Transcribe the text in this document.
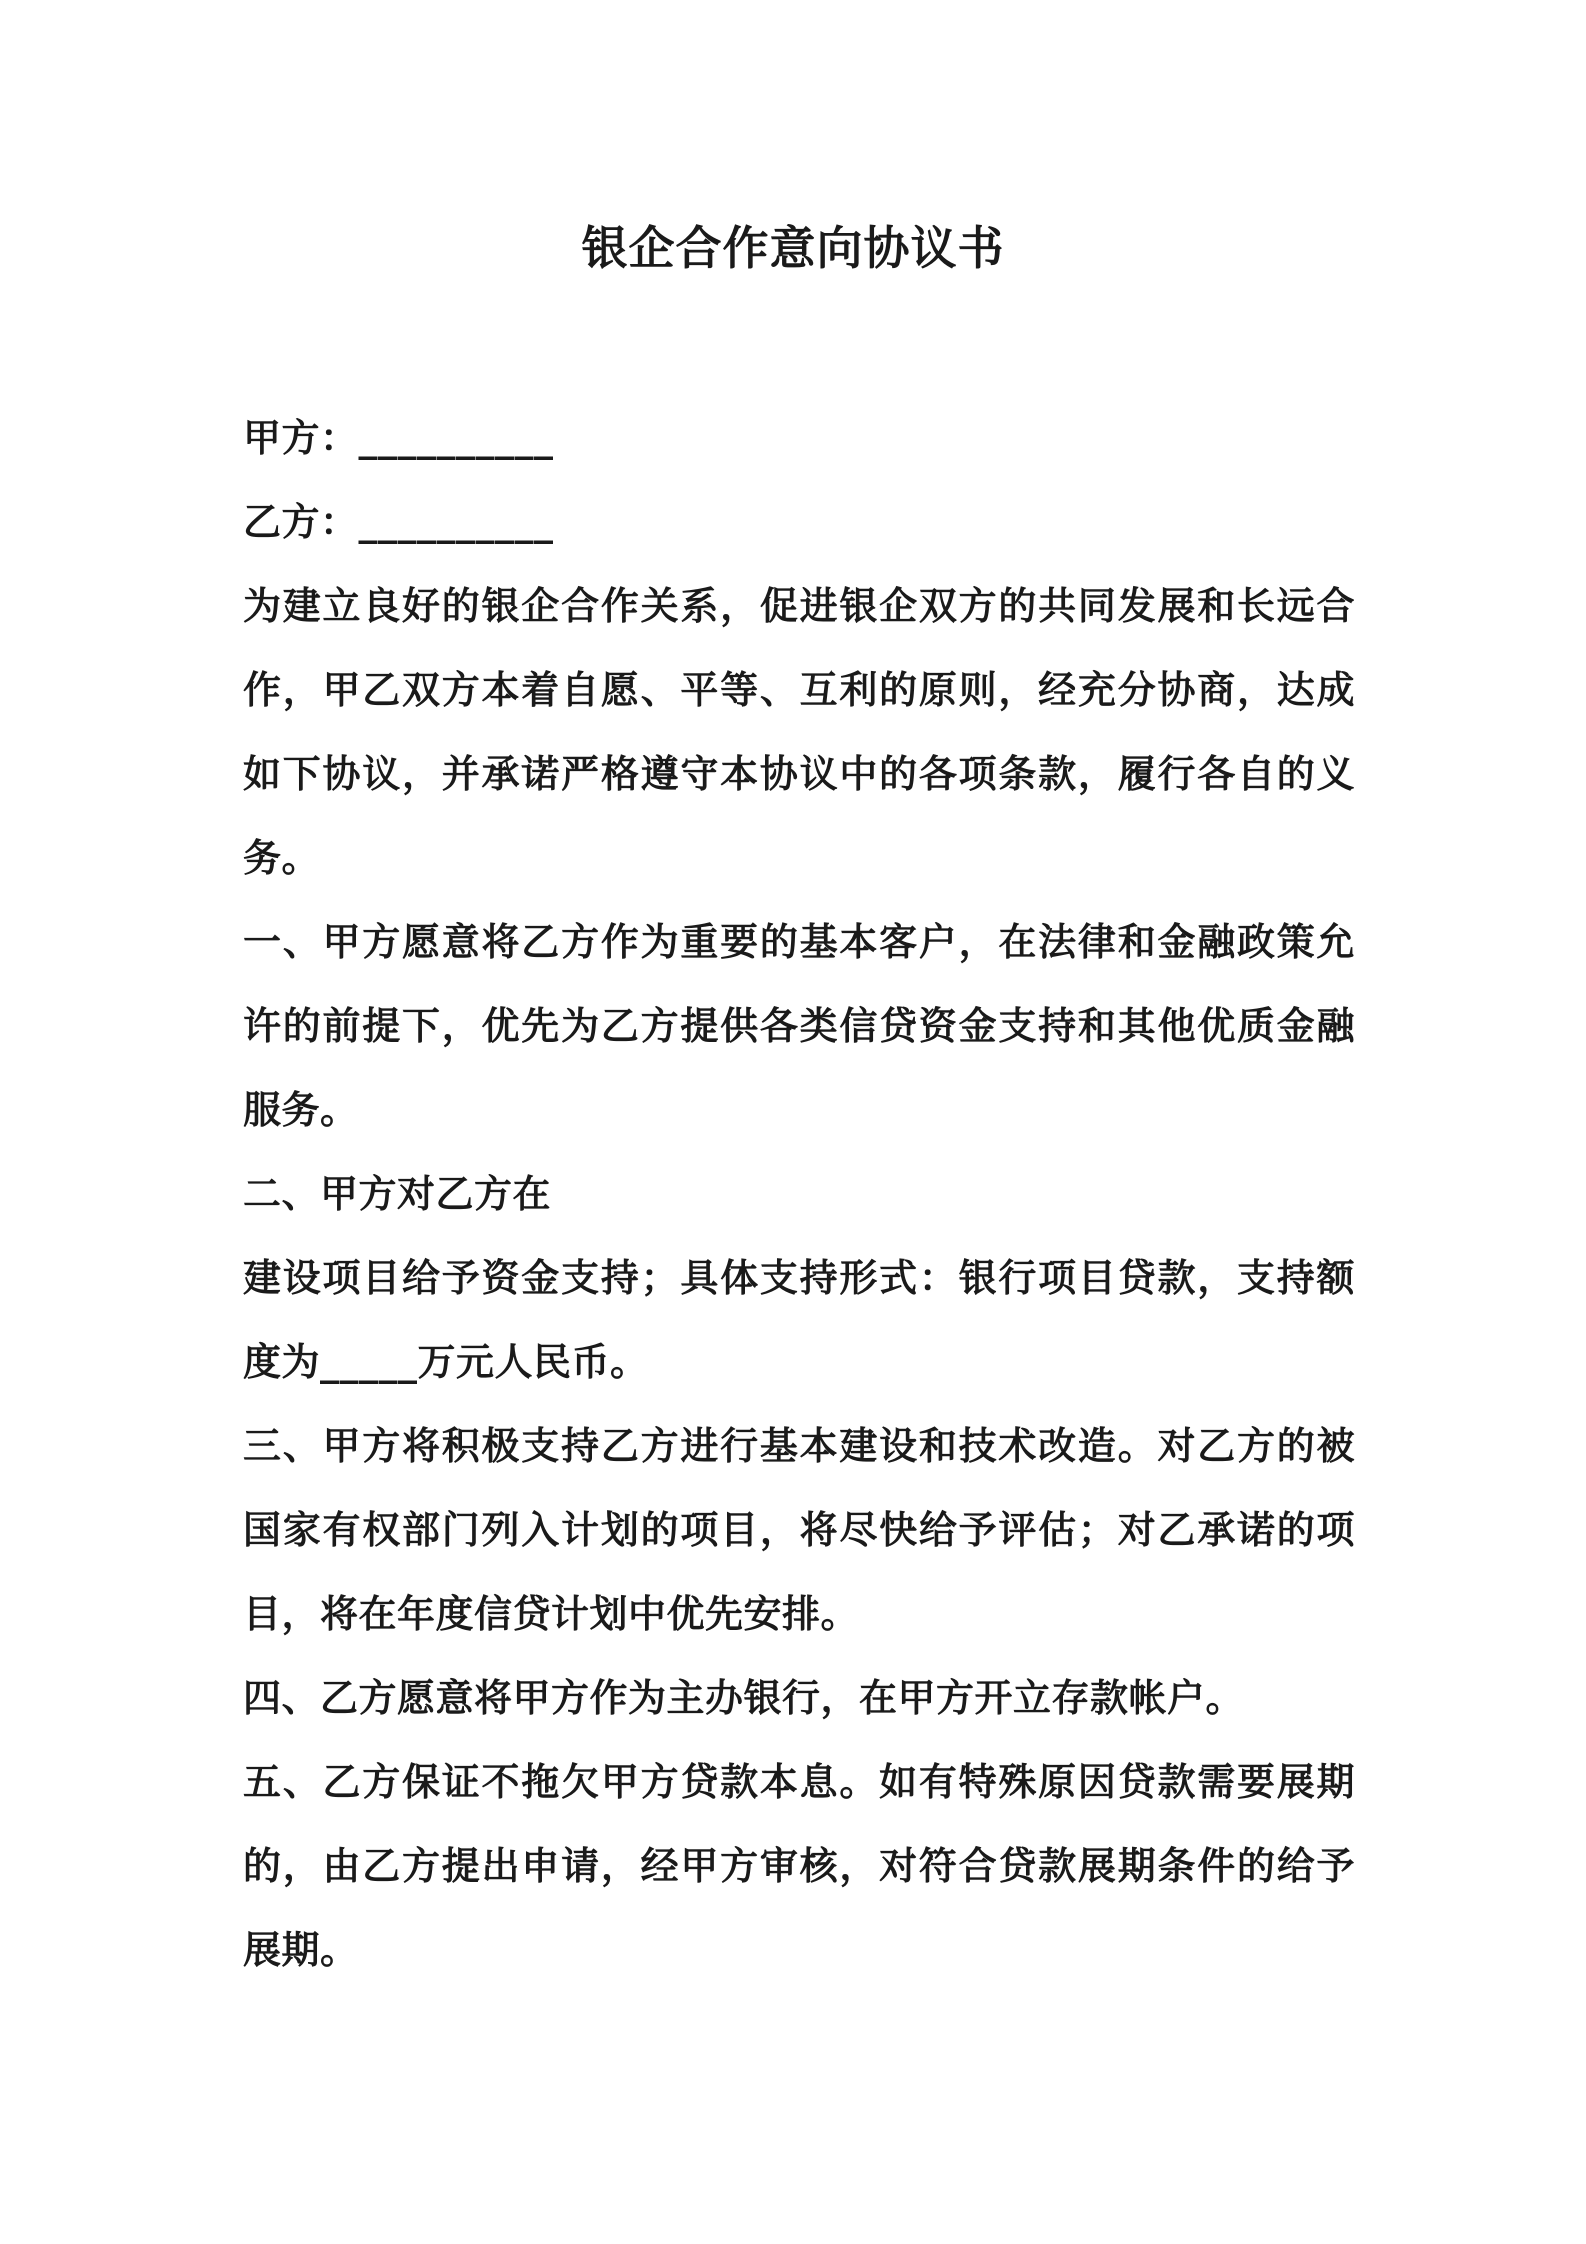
银企合作意向协议书

甲方：__________

乙方：__________

为建立良好的银企合作关系，促进银企双方的共同发展和长远合作，甲乙双方本着自愿、平等、互利的原则，经充分协商，达成如下协议，并承诺严格遵守本协议中的各项条款，履行各自的义务。

一、甲方愿意将乙方作为重要的基本客户，在法律和金融政策允许的前提下，优先为乙方提供各类信贷资金支持和其他优质金融服务。

二、甲方对乙方在

建设项目给予资金支持；具体支持形式：银行项目贷款，支持额度为_____万元人民币。

三、甲方将积极支持乙方进行基本建设和技术改造。对乙方的被国家有权部门列入计划的项目，将尽快给予评估；对乙承诺的项目，将在年度信贷计划中优先安排。

四、乙方愿意将甲方作为主办银行，在甲方开立存款帐户。

五、乙方保证不拖欠甲方贷款本息。如有特殊原因贷款需要展期的，由乙方提出申请，经甲方审核，对符合贷款展期条件的给予展期。
